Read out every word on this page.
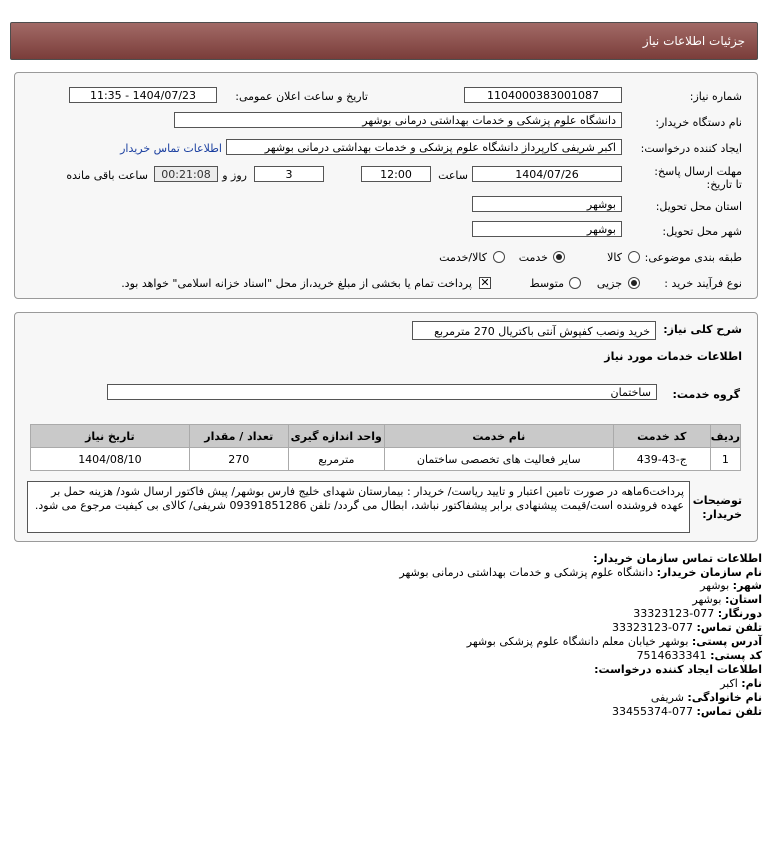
جزئیات اطلاعات نیاز
شماره نیاز:
1104000383001087
تاریخ و ساعت اعلان عمومی:
1404/07/23 - 11:35
نام دستگاه خریدار:
دانشگاه علوم پزشکی و خدمات بهداشتی درمانی بوشهر
ایجاد کننده درخواست:
اکبر شریفی کارپرداز دانشگاه علوم پزشکی و خدمات بهداشتی درمانی بوشهر
اطلاعات تماس خریدار
مهلت ارسال پاسخ: تا تاریخ:
1404/07/26
ساعت
12:00
3
روز و
00:21:08
ساعت باقی مانده
استان محل تحویل:
بوشهر
شهر محل تحویل:
بوشهر
طبقه بندی موضوعی:
کالا
خدمت
کالا/خدمت
نوع فرآیند خرید :
جزیی
متوسط
✕
پرداخت تمام یا بخشی از مبلغ خرید،از محل "اسناد خزانه اسلامی" خواهد بود.
شرح کلی نیاز:
خرید ونصب کفپوش آنتی باکتریال 270 مترمربع
اطلاعات خدمات مورد نیاز
گروه خدمت:
ساختمان
ردیف	کد خدمت	نام خدمت	واحد اندازه گیری	تعداد / مقدار	تاریخ نیاز
1	ج-43-439	سایر فعالیت های تخصصی ساختمان	مترمربع	270	1404/08/10
توضیحات خریدار:
پرداخت6ماهه در صورت تامین اعتبار و تایید ریاست/ خریدار : بیمارستان شهدای خلیج فارس بوشهر/ پیش فاکتور ارسال شود/ هزینه حمل بر عهده فروشنده است/قیمت پیشنهادی برابر پیشفاکتور نباشد، ابطال می گردد/ تلفن 09391851286 شریفی/ کالای بی کیفیت مرجوع می شود.
اطلاعات تماس سازمان خریدار:
نام سازمان خریدار: دانشگاه علوم پزشکی و خدمات بهداشتی درمانی بوشهر
شهر: بوشهر
استان: بوشهر
دورنگار: 077-33323123
تلفن تماس: 077-33323123
آدرس پستی: بوشهر خیابان معلم دانشگاه علوم پزشکی بوشهر
کد پستی: 7514633341
اطلاعات ایجاد کننده درخواست:
نام: اکبر
نام خانوادگی: شریفی
تلفن تماس: 077-33455374
